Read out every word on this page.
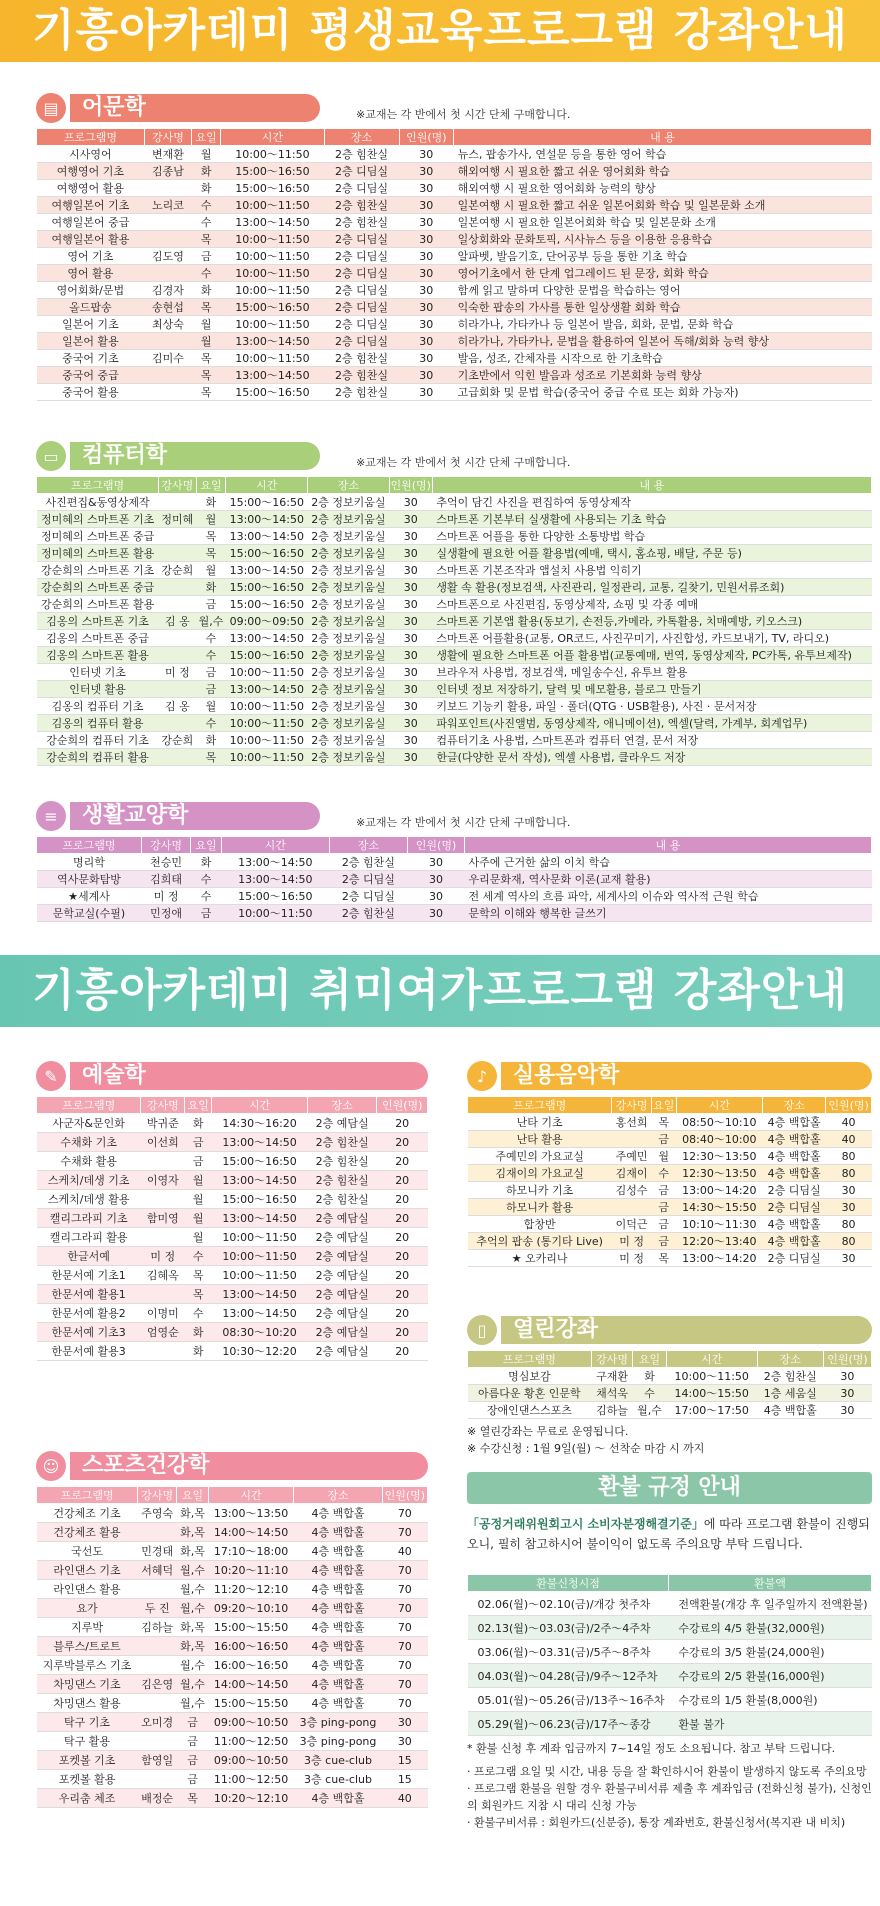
기흥아카데미 평생교육프로그램 강좌안내
▤	어문학	※교재는 각 반에서 첫 시간 단체 구매합니다.
프로그램명	강사명	요일	시간	장소	인원(명)	내 용
시사영어	변재환	월	10:00～11:50	2층 힘찬실	30	뉴스, 팝송가사, 연설문 등을 통한 영어 학습
여행영어 기초	김종남	화	15:00～16:50	2층 디딤실	30	해외여행 시 필요한 짧고 쉬운 영어회화 학습
여행영어 활용		화	15:00～16:50	2층 디딤실	30	해외여행 시 필요한 영어회화 능력의 향상
여행일본어 기초	노리코	수	10:00～11:50	2층 힘찬실	30	일본여행 시 필요한 짧고 쉬운 일본어회화 학습 및 일본문화 소개
여행일본어 중급		수	13:00～14:50	2층 힘찬실	30	일본여행 시 필요한 일본어회화 학습 및 일본문화 소개
여행일본어 활용		목	10:00～11:50	2층 디딤실	30	일상회화와 문화토픽, 시사뉴스 등을 이용한 응용학습
영어 기초	김도영	금	10:00～11:50	2층 디딤실	30	알파벳, 발음기호, 단어공부 등을 통한 기초 학습
영어 활용		수	10:00～11:50	2층 디딤실	30	영어기초에서 한 단계 업그레이드 된 문장, 회화 학습
영어회화/문법	김경자	화	10:00～11:50	2층 디딤실	30	함께 읽고 말하며 다양한 문법을 학습하는 영어
올드팝송	송현섭	목	15:00～16:50	2층 디딤실	30	익숙한 팝송의 가사를 통한 일상생활 회화 학습
일본어 기초	최상숙	월	10:00～11:50	2층 디딤실	30	히라가나, 가타카나 등 일본어 발음, 회화, 문법, 문화 학습
일본어 활용		월	13:00～14:50	2층 디딤실	30	히라가나, 가타카나, 문법을 활용하여 일본어 독해/회화 능력 향상
중국어 기초	김미수	목	10:00～11:50	2층 힘찬실	30	발음, 성조, 간체자를 시작으로 한 기초학습
중국어 중급		목	13:00～14:50	2층 힘찬실	30	기초반에서 익힌 발음과 성조로 기본회화 능력 향상
중국어 활용		목	15:00～16:50	2층 힘찬실	30	고급회화 및 문법 학습(중국어 중급 수료 또는 회화 가능자)
▭	컴퓨터학	※교재는 각 반에서 첫 시간 단체 구매합니다.
프로그램명	강사명	요일	시간	장소	인원(명)	내 용
사진편집&동영상제작		화	15:00～16:50	2층 정보키움실	30	추억이 담긴 사진을 편집하여 동영상제작
정미혜의 스마트폰 기초	정미혜	월	13:00～14:50	2층 정보키움실	30	스마트폰 기본부터 실생활에 사용되는 기초 학습
정미혜의 스마트폰 중급		목	13:00～14:50	2층 정보키움실	30	스마트폰 어플을 통한 다양한 소통방법 학습
정미혜의 스마트폰 활용		목	15:00～16:50	2층 정보키움실	30	실생활에 필요한 어플 활용법(예매, 택시, 홈쇼핑, 배달, 주문 등)
강순희의 스마트폰 기초	강순희	월	13:00～14:50	2층 정보키움실	30	스마트폰 기본조작과 앱설치 사용법 익히기
강순희의 스마트폰 중급		화	15:00～16:50	2층 정보키움실	30	생활 속 활용(정보검색, 사진관리, 일정관리, 교통, 길찾기, 민원서류조회)
강순희의 스마트폰 활용		금	15:00～16:50	2층 정보키움실	30	스마트폰으로 사진편집, 동영상제작, 쇼핑 및 각종 예매
김옹의 스마트폰 기초	김 옹	월,수	09:00～09:50	2층 정보키움실	30	스마트폰 기본앱 활용(동보기, 손전등,카메라, 카톡활용, 치매예방, 키오스크)
김옹의 스마트폰 중급		수	13:00～14:50	2층 정보키움실	30	스마트폰 어플활용(교통, OR코드, 사진꾸미기, 사진합성, 카드보내기, TV, 라디오)
김옹의 스마트폰 활용		수	15:00～16:50	2층 정보키움실	30	생활에 필요한 스마트폰 어플 활용법(교통예매, 번역, 동영상제작, PC카톡, 유투브제작)
인터넷 기초	미 정	금	10:00～11:50	2층 정보키움실	30	브라우저 사용법, 정보검색, 메일송수신, 유투브 활용
인터넷 활용		금	13:00～14:50	2층 정보키움실	30	인터넷 정보 저장하기, 달력 및 메모활용, 블로그 만들기
김옹의 컴퓨터 기초	김 옹	월	10:00～11:50	2층 정보키움실	30	키보드 기능키 활용, 파일 · 폴더(QTG · USB활용), 사진 · 문서저장
김옹의 컴퓨터 활용		수	10:00～11:50	2층 정보키움실	30	파워포인트(사진앨범, 동영상제작, 애니메이션), 엑셀(달력, 가계부, 회계업무)
강순희의 컴퓨터 기초	강순희	화	10:00～11:50	2층 정보키움실	30	컴퓨터기초 사용법, 스마트폰과 컴퓨터 연결, 문서 저장
강순희의 컴퓨터 활용		목	10:00～11:50	2층 정보키움실	30	한글(다양한 문서 작성), 엑셀 사용법, 클라우드 저장
≡	생활교양학	※교재는 각 반에서 첫 시간 단체 구매합니다.
프로그램명	강사명	요일	시간	장소	인원(명)	내 용
명리학	천승민	화	13:00～14:50	2층 힘찬실	30	사주에 근거한 삶의 이치 학습
역사문화탐방	김희태	수	13:00～14:50	2층 디딤실	30	우리문화재, 역사문화 이론(교재 활용)
★세계사	미 정	수	15:00～16:50	2층 디딤실	30	전 세계 역사의 흐름 파악, 세계사의 이슈와 역사적 근원 학습
문학교실(수필)	민정애	금	10:00～11:50	2층 힘찬실	30	문학의 이해와 행복한 글쓰기
기흥아카데미 취미여가프로그램 강좌안내
✎	예술학
프로그램명	강사명	요일	시간	장소	인원(명)
사군자&문인화	박귀준	화	14:30～16:20	2층 예담실	20
수채화 기초	이선희	금	13:00～14:50	2층 힘찬실	20
수채화 활용		금	15:00～16:50	2층 힘찬실	20
스케치/데생 기초	이영자	월	13:00～14:50	2층 힘찬실	20
스케치/데생 활용		월	15:00～16:50	2층 힘찬실	20
캘리그라피 기초	함미영	월	13:00～14:50	2층 예담실	20
캘리그라피 활용		월	10:00～11:50	2층 예담실	20
한글서예	미 정	수	10:00～11:50	2층 예담실	20
한문서예 기초1	김혜옥	목	10:00～11:50	2층 예담실	20
한문서예 활용1		목	13:00～14:50	2층 예담실	20
한문서예 활용2	이명미	수	13:00～14:50	2층 예담실	20
한문서예 기초3	엄영순	화	08:30～10:20	2층 예담실	20
한문서예 활용3		화	10:30～12:20	2층 예담실	20
♪	실용음악학
프로그램명	강사명	요일	시간	장소	인원(명)
난타 기초	홍선희	목	08:50～10:10	4층 백합홀	40
난타 활용		금	08:40～10:00	4층 백합홀	40
주예민의 가요교실	주예민	월	12:30～13:50	4층 백합홀	80
김재이의 가요교실	김재이	수	12:30～13:50	4층 백합홀	80
하모니카 기초	김성수	금	13:00～14:20	2층 디딤실	30
하모니카 활용		금	14:30～15:50	2층 디딤실	30
합창반	이덕근	금	10:10～11:30	4층 백합홀	80
추억의 팝송 (통기타 Live)	미 정	금	12:20～13:40	4층 백합홀	80
★ 오카리나	미 정	목	13:00～14:20	2층 디딤실	30
▯	열린강좌
프로그램명	강사명	요일	시간	장소	인원(명)
명심보감	구재환	화	10:00～11:50	2층 힘찬실	30
아름다운 황혼 인문학	채석욱	수	14:00～15:50	1층 세움실	30
장애인댄스스포츠	김하늘	월,수	17:00～17:50	4층 백합홀	30
※ 열린강좌는 무료로 운영됩니다.
※ 수강신청 : 1월 9일(월) ～ 선착순 마감 시 까지
☺	스포츠건강학
프로그램명	강사명	요일	시간	장소	인원(명)
건강체조 기초	주영숙	화,목	13:00～13:50	4층 백합홀	70
건강체조 활용		화,목	14:00～14:50	4층 백합홀	70
국선도	민경태	화,목	17:10～18:00	4층 백합홀	40
라인댄스 기초	서혜덕	월,수	10:20～11:10	4층 백합홀	70
라인댄스 활용		월,수	11:20～12:10	4층 백합홀	70
요가	두 진	월,수	09:20～10:10	4층 백합홀	70
지루박	김하늘	화,목	15:00～15:50	4층 백합홀	70
블루스/트로트		화,목	16:00～16:50	4층 백합홀	70
지루박블루스 기초		월,수	16:00～16:50	4층 백합홀	70
차밍댄스 기초	김은영	월,수	14:00～14:50	4층 백합홀	70
차밍댄스 활용		월,수	15:00～15:50	4층 백합홀	70
탁구 기초	오미경	금	09:00～10:50	3층 ping-pong	30
탁구 활용		금	11:00～12:50	3층 ping-pong	30
포켓볼 기초	함영일	금	09:00～10:50	3층 cue-club	15
포켓볼 활용		금	11:00～12:50	3층 cue-club	15
우리춤 체조	배정순	목	10:20～12:10	4층 백합홀	40
환불 규정 안내
「공정거래위원회고시 소비자분쟁해결기준」에 따라 프로그램 환불이 진행되오니, 필히 참고하시어 불이익이 없도록 주의요망 부탁 드립니다.
환불신청시점	환불액
02.06(월)～02.10(금)/개강 첫주차	전액환불(개강 후 일주일까지 전액환불)
02.13(월)～03.03(금)/2주～4주차	수강료의 4/5 환불(32,000원)
03.06(월)～03.31(금)/5주～8주차	수강료의 3/5 환불(24,000원)
04.03(월)～04.28(금)/9주～12주차	수강료의 2/5 환불(16,000원)
05.01(월)～05.26(금)/13주～16주차	수강료의 1/5 환불(8,000원)
05.29(월)～06.23(금)/17주～종강	환불 불가
* 환불 신청 후 계좌 입금까지 7~14일 정도 소요됩니다. 참고 부탁 드립니다.
· 프로그램 요일 및 시간, 내용 등을 잘 확인하시어 환불이 발생하지 않도록 주의요망
· 프로그램 환불을 원할 경우 환불구비서류 제출 후 계좌입금 (전화신청 불가), 신청인의 회원카드 지참 시 대리 신청 가능
· 환불구비서류 : 회원카드(신분증), 통장 계좌번호, 환불신청서(복지관 내 비치)
